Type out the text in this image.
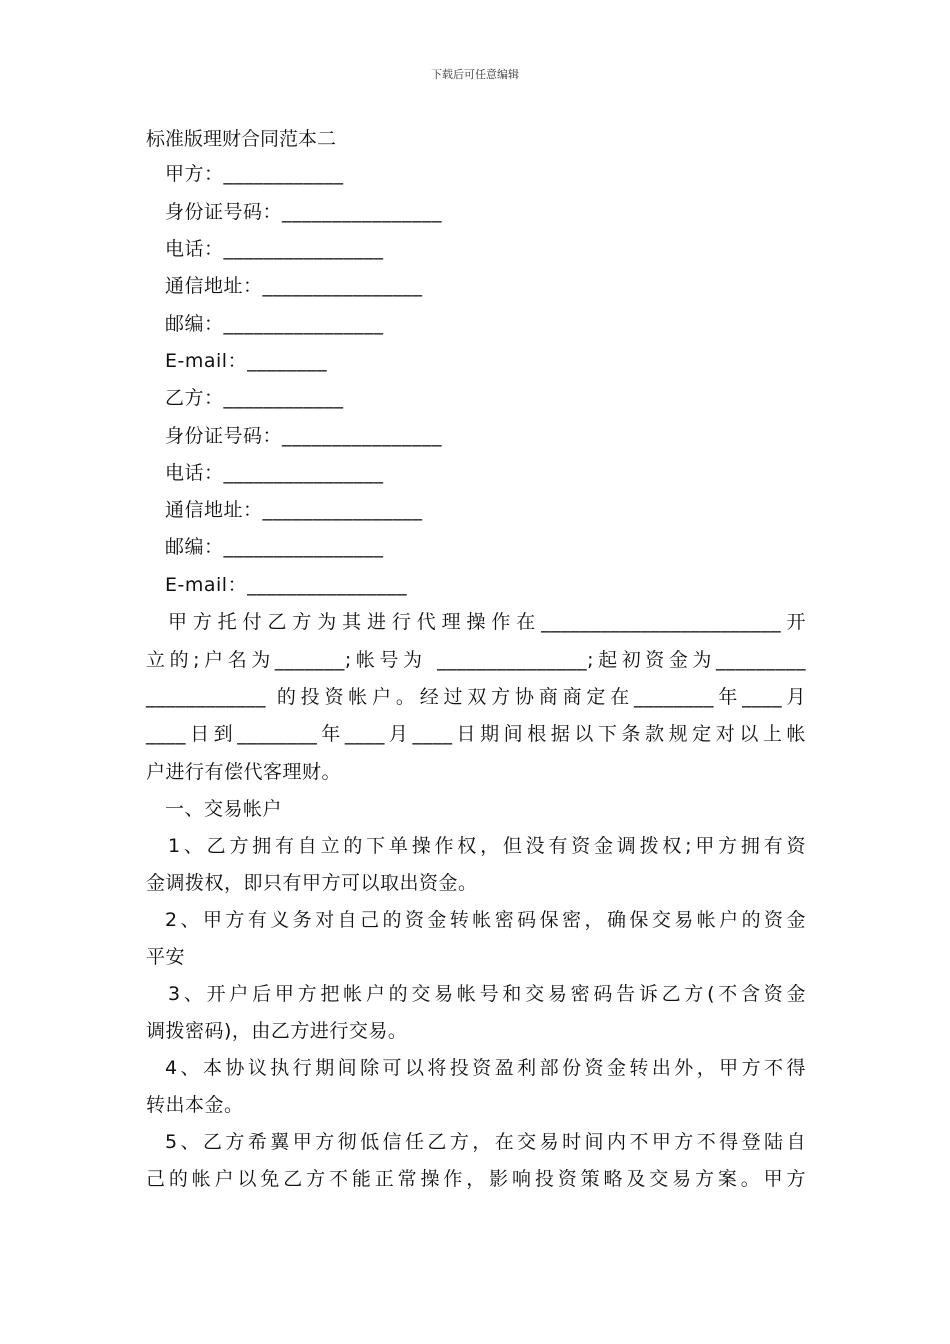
下载后可任意编辑
标准版理财合同范本二
甲方：____________
身份证号码：________________
电话：________________
通信地址：________________
邮编：________________
E-mail：________
乙方：____________
身份证号码：________________
电话：________________
通信地址：________________
邮编：________________
E-mail：________________
甲方托付乙方为其进行代理操作在________________________开
立的;户名为_______;帐号为 _______________;起初资金为_________
____________ 的投资帐户。经过双方协商商定在________年____月
____日到________年____月____日期间根据以下条款规定对以上帐
户进行有偿代客理财。
一、交易帐户
1、乙方拥有自立的下单操作权，但没有资金调拨权;甲方拥有资
金调拨权，即只有甲方可以取出资金。
2、甲方有义务对自己的资金转帐密码保密，确保交易帐户的资金
平安
3、开户后甲方把帐户的交易帐号和交易密码告诉乙方(不含资金
调拨密码)，由乙方进行交易。
4、本协议执行期间除可以将投资盈利部份资金转出外，甲方不得
转出本金。
5、乙方希翼甲方彻低信任乙方，在交易时间内不甲方不得登陆自
己的帐户以免乙方不能正常操作，影响投资策略及交易方案。甲方
